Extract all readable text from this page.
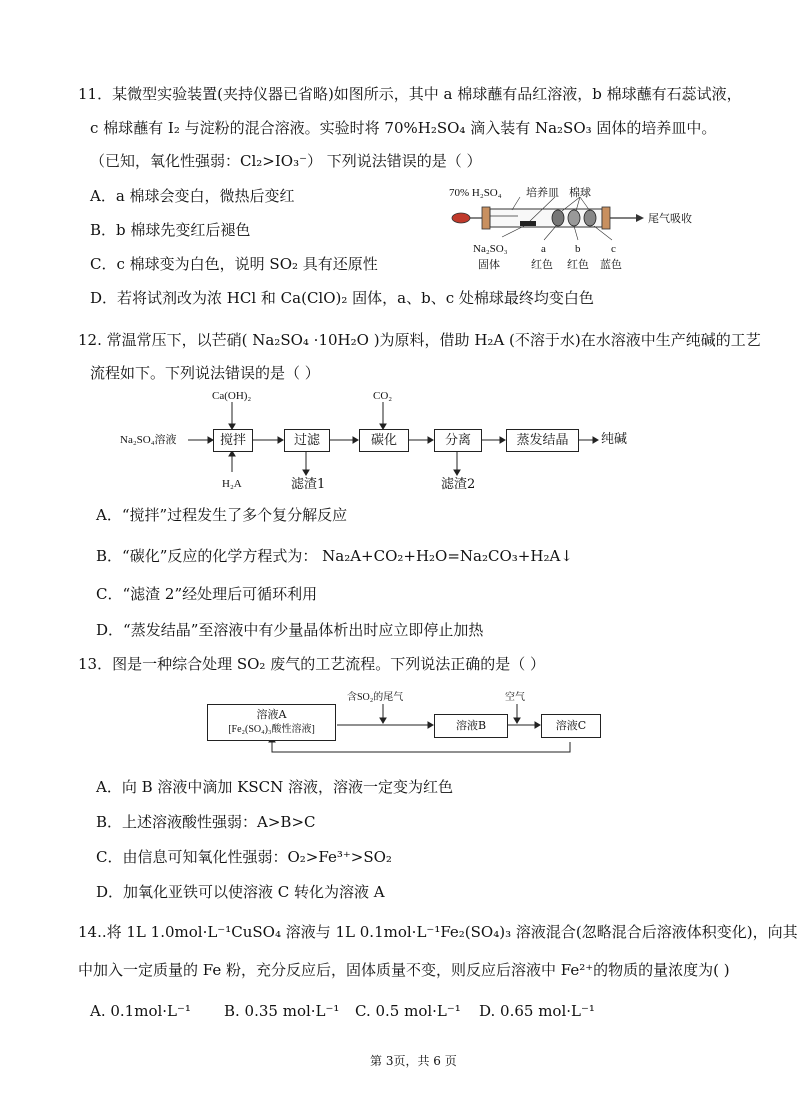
11．某微型实验装置(夹持仪器已省略)如图所示，其中 a 棉球蘸有品红溶液，b 棉球蘸有石蕊试液，
c 棉球蘸有 I₂ 与淀粉的混合溶液。实验时将 70%H₂SO₄ 滴入装有 Na₂SO₃ 固体的培养皿中。
（已知，氧化性强弱：Cl₂>IO₃⁻） 下列说法错误的是（ ）
A．a 棉球会变白，微热后变红
B．b 棉球先变红后褪色
C．c 棉球变为白色，说明 SO₂ 具有还原性
D．若将试剂改为浓 HCl 和 Ca(ClO)₂ 固体，a、b、c 处棉球最终均变白色
70% H₂SO₄ 培养皿 棉球
尾气吸收
Na₂SO₃
固体
a	b	c
红色 红色 蓝色
12. 常温常压下，以芒硝( Na₂SO₄ ·10H₂O )为原料，借助 H₂A (不溶于水)在水溶液中生产纯碱的工艺
流程如下。下列说法错误的是（ ）
Na₂SO₄溶液
Ca(OH)₂
H₂A
CO₂
搅拌	过滤	碳化	分离	蒸发结晶	纯碱
滤渣1	滤渣2
A．“搅拌”过程发生了多个复分解反应
B．“碳化”反应的化学方程式为： Na₂A+CO₂+H₂O=Na₂CO₃+H₂A↓
C．“滤渣 2”经处理后可循环利用
D．“蒸发结晶”至溶液中有少量晶体析出时应立即停止加热
13．图是一种综合处理 SO₂ 废气的工艺流程。下列说法正确的是（ ）
溶液A
[Fe₂(SO₄)₃酸性溶液]
含SO₂的尾气
溶液B
空气
溶液C
A．向 B 溶液中滴加 KSCN 溶液，溶液一定变为红色
B．上述溶液酸性强弱：A>B>C
C．由信息可知氧化性强弱：O₂>Fe³⁺>SO₂
D．加氧化亚铁可以使溶液 C 转化为溶液 A
14..将 1L 1.0mol·L⁻¹CuSO₄ 溶液与 1L 0.1mol·L⁻¹Fe₂(SO₄)₃ 溶液混合(忽略混合后溶液体积变化)，向其
中加入一定质量的 Fe 粉，充分反应后，固体质量不变，则反应后溶液中 Fe²⁺的物质的量浓度为( )
A. 0.1mol·L⁻¹ B. 0.35 mol·L⁻¹ C. 0.5 mol·L⁻¹ D. 0.65 mol·L⁻¹
第 3页，共 6 页
